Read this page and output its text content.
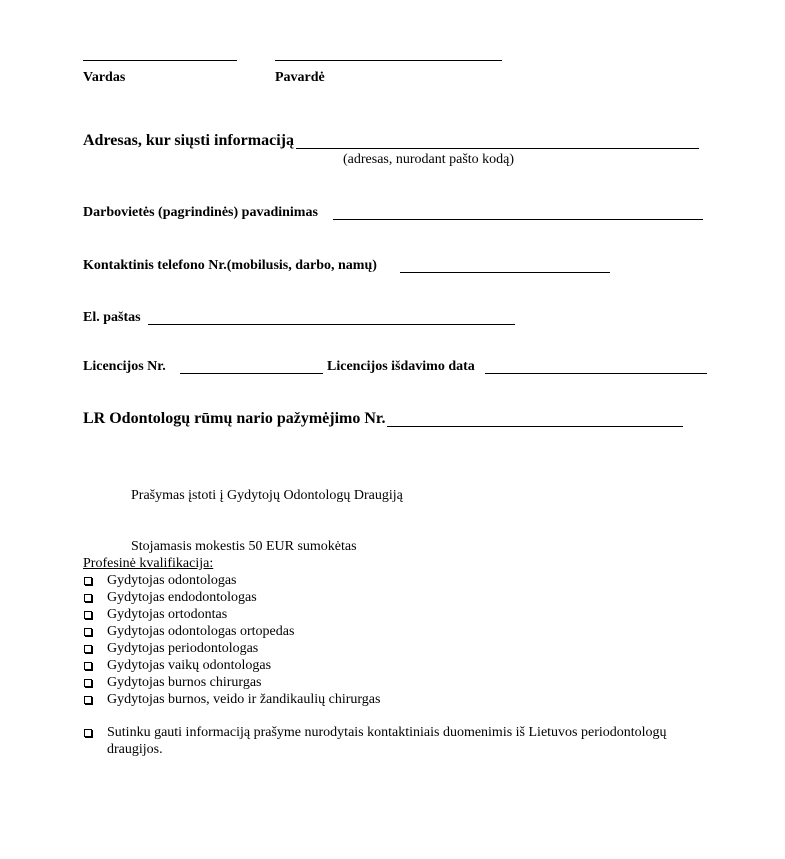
Vardas	Pavardė
Adresas, kur siųsti informaciją
(adresas, nurodant pašto kodą)
Darbovietės (pagrindinės) pavadinimas
Kontaktinis telefono Nr.(mobilusis, darbo, namų)
El. paštas
Licencijos Nr.	Licencijos išdavimo data
LR Odontologų rūmų nario pažymėjimo Nr.
Prašymas įstoti į Gydytojų Odontologų Draugiją
Stojamasis mokestis 50 EUR sumokėtas
Profesinė kvalifikacija:
Gydytojas odontologas
Gydytojas endodontologas
Gydytojas ortodontas
Gydytojas odontologas ortopedas
Gydytojas periodontologas
Gydytojas vaikų odontologas
Gydytojas burnos chirurgas
Gydytojas burnos, veido ir žandikaulių chirurgas
Sutinku gauti informaciją prašyme nurodytais kontaktiniais duomenimis iš Lietuvos periodontologų
draugijos.
